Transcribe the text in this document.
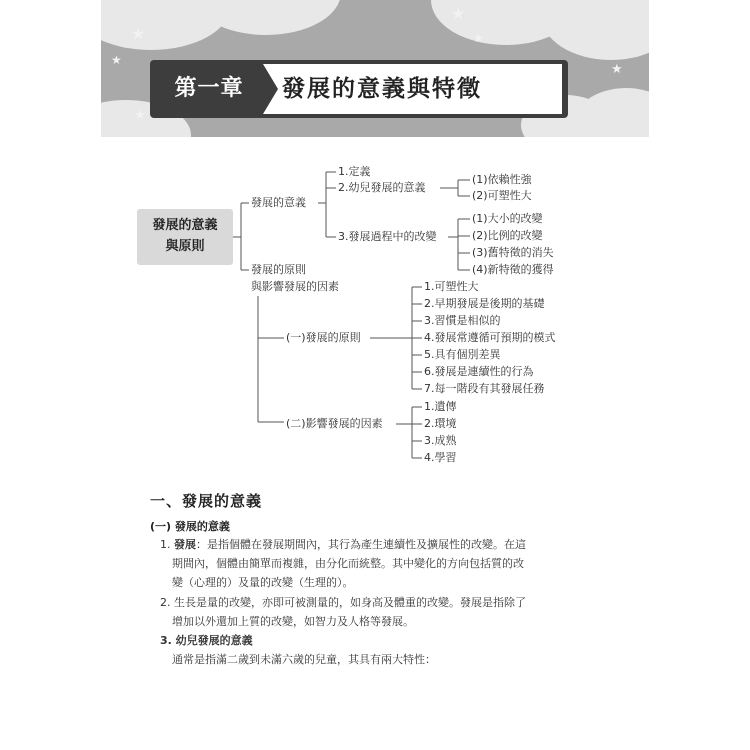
★
★
★
★
★
★
第一章	發展的意義與特徵
發展的意義
與原則
發展的意義
1.定義
2.幼兒發展的意義
(1)依賴性強
(2)可塑性大
3.發展過程中的改變
(1)大小的改變
(2)比例的改變
(3)舊特徵的消失
(4)新特徵的獲得
發展的原則
與影響發展的因素
(一)發展的原則
1.可塑性大
2.早期發展是後期的基礎
3.習慣是相似的
4.發展常遵循可預期的模式
5.具有個別差異
6.發展是連續性的行為
7.每一階段有其發展任務
(二)影響發展的因素
1.遺傳
2.環境
3.成熟
4.學習
一、發展的意義
(一) 發展的意義
1. 發展：是指個體在發展期間內，其行為產生連續性及擴展性的改變。在這
期間內，個體由簡單而複雜，由分化而統整。其中變化的方向包括質的改
變（心理的）及量的改變（生理的）。
2. 生長是量的改變，亦即可被測量的，如身高及體重的改變。發展是指除了
增加以外還加上質的改變，如智力及人格等發展。
3. 幼兒發展的意義
通常是指滿二歲到未滿六歲的兒童，其具有兩大特性：
